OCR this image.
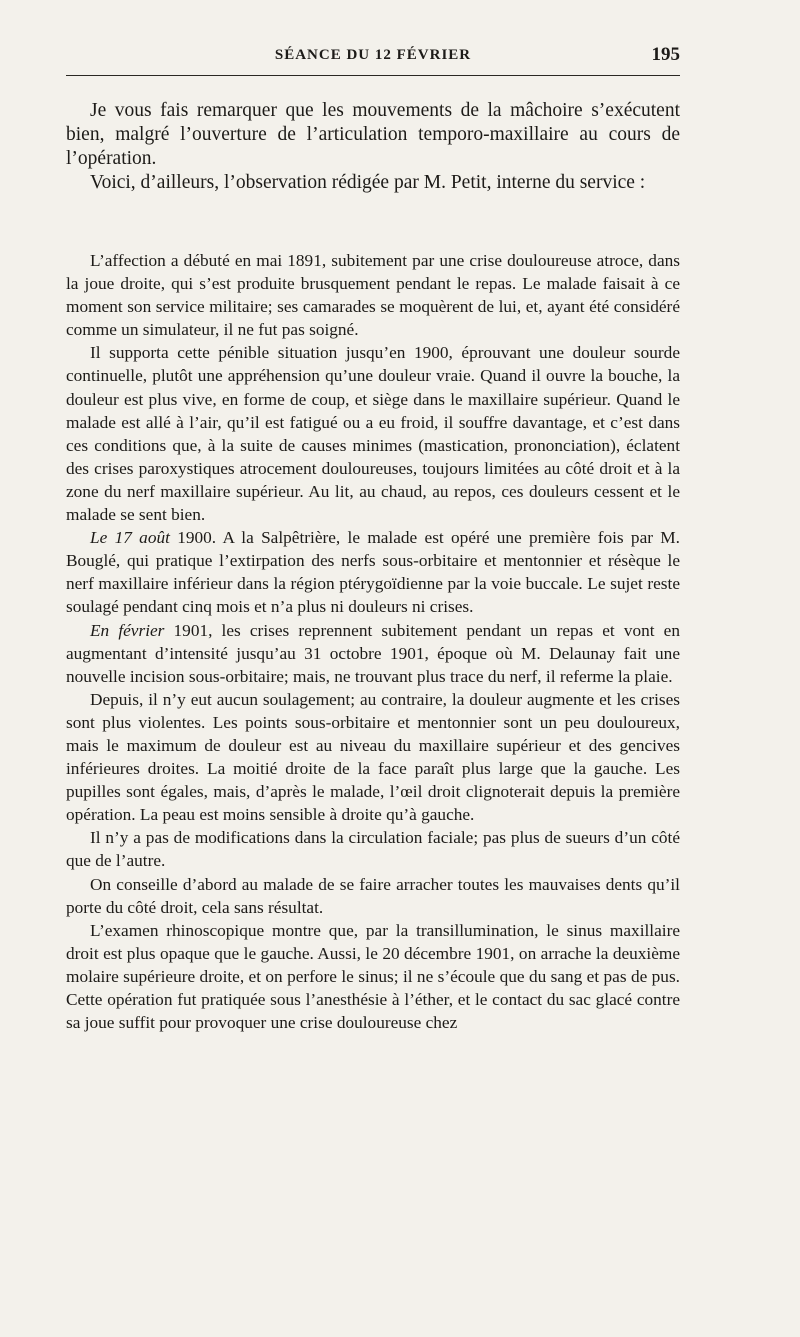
SÉANCE DU 12 FÉVRIER	195

Je vous fais remarquer que les mouvements de la mâchoire s’exécutent bien, malgré l’ouverture de l’articulation temporo-maxillaire au cours de l’opération.

Voici, d’ailleurs, l’observation rédigée par M. Petit, interne du service :

L’affection a débuté en mai 1891, subitement par une crise douloureuse atroce, dans la joue droite, qui s’est produite brusquement pendant le repas. Le malade faisait à ce moment son service militaire; ses camarades se moquèrent de lui, et, ayant été considéré comme un simulateur, il ne fut pas soigné.

Il supporta cette pénible situation jusqu’en 1900, éprouvant une douleur sourde continuelle, plutôt une appréhension qu’une douleur vraie. Quand il ouvre la bouche, la douleur est plus vive, en forme de coup, et siège dans le maxillaire supérieur. Quand le malade est allé à l’air, qu’il est fatigué ou a eu froid, il souffre davantage, et c’est dans ces conditions que, à la suite de causes minimes (mastication, prononciation), éclatent des crises paroxystiques atrocement douloureuses, toujours limitées au côté droit et à la zone du nerf maxillaire supérieur. Au lit, au chaud, au repos, ces douleurs cessent et le malade se sent bien.

Le 17 août 1900. A la Salpêtrière, le malade est opéré une première fois par M. Bouglé, qui pratique l’extirpation des nerfs sous-orbitaire et mentonnier et résèque le nerf maxillaire inférieur dans la région ptérygoïdienne par la voie buccale. Le sujet reste soulagé pendant cinq mois et n’a plus ni douleurs ni crises.

En février 1901, les crises reprennent subitement pendant un repas et vont en augmentant d’intensité jusqu’au 31 octobre 1901, époque où M. Delaunay fait une nouvelle incision sous-orbitaire; mais, ne trouvant plus trace du nerf, il referme la plaie.

Depuis, il n’y eut aucun soulagement; au contraire, la douleur augmente et les crises sont plus violentes. Les points sous-orbitaire et mentonnier sont un peu douloureux, mais le maximum de douleur est au niveau du maxillaire supérieur et des gencives inférieures droites. La moitié droite de la face paraît plus large que la gauche. Les pupilles sont égales, mais, d’après le malade, l’œil droit clignoterait depuis la première opération. La peau est moins sensible à droite qu’à gauche.

Il n’y a pas de modifications dans la circulation faciale; pas plus de sueurs d’un côté que de l’autre.

On conseille d’abord au malade de se faire arracher toutes les mauvaises dents qu’il porte du côté droit, cela sans résultat.

L’examen rhinoscopique montre que, par la transillumination, le sinus maxillaire droit est plus opaque que le gauche. Aussi, le 20 décembre 1901, on arrache la deuxième molaire supérieure droite, et on perfore le sinus; il ne s’écoule que du sang et pas de pus. Cette opération fut pratiquée sous l’anesthésie à l’éther, et le contact du sac glacé contre sa joue suffit pour provoquer une crise douloureuse chez
